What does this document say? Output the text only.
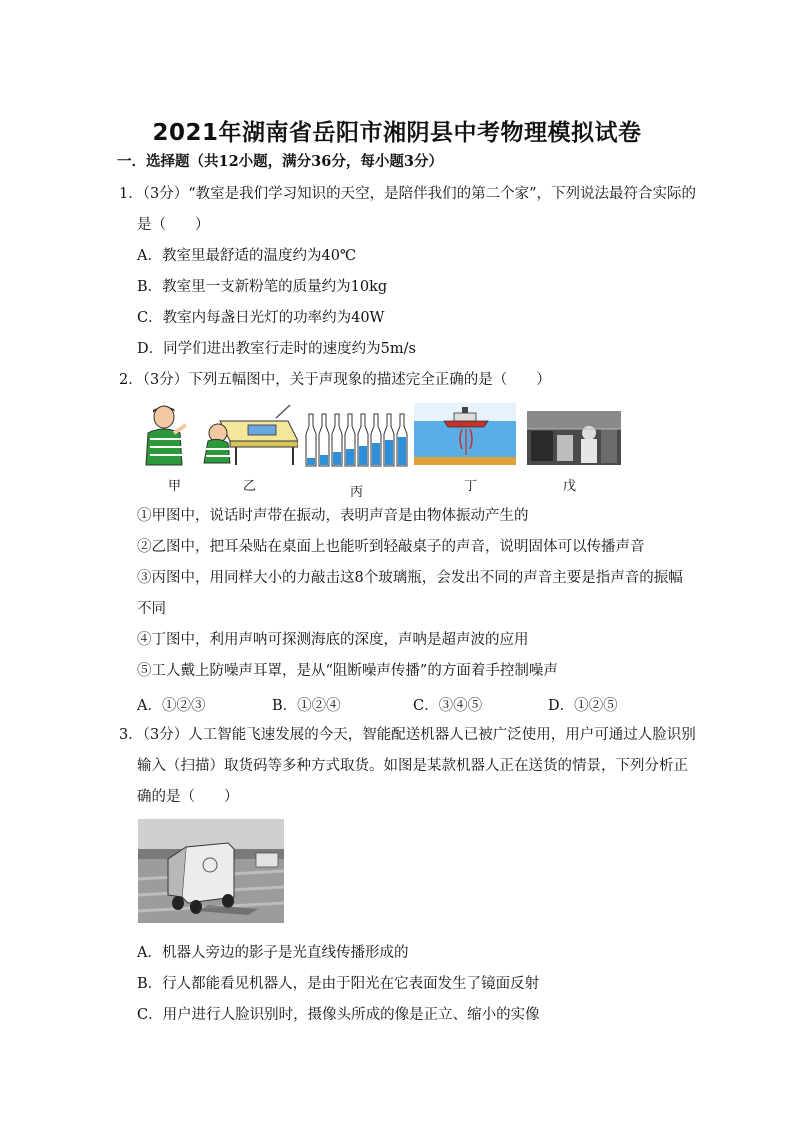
2021年湖南省岳阳市湘阴县中考物理模拟试卷
一．选择题（共12小题，满分36分，每小题3分）
1．（3分）“教室是我们学习知识的天空，是陪伴我们的第二个家”，下列说法最符合实际的
是（　　）
A．教室里最舒适的温度约为40℃
B．教室里一支新粉笔的质量约为10kg
C．教室内每盏日光灯的功率约为40W
D．同学们进出教室行走时的速度约为5m/s
2．（3分）下列五幅图中，关于声现象的描述完全正确的是（　　）
甲	乙	丙	丁	戊
①甲图中，说话时声带在振动，表明声音是由物体振动产生的
②乙图中，把耳朵贴在桌面上也能听到轻敲桌子的声音，说明固体可以传播声音
③丙图中，用同样大小的力敲击这8个玻璃瓶，会发出不同的声音主要是指声音的振幅
不同
④丁图中，利用声呐可探测海底的深度，声呐是超声波的应用
⑤工人戴上防噪声耳罩，是从“阻断噪声传播”的方面着手控制噪声
A．①②③	B．①②④	C．③④⑤	D．①②⑤
3．（3分）人工智能飞速发展的今天，智能配送机器人已被广泛使用，用户可通过人脸识别
输入（扫描）取货码等多种方式取货。如图是某款机器人正在送货的情景，下列分析正
确的是（　　）
A．机器人旁边的影子是光直线传播形成的
B．行人都能看见机器人，是由于阳光在它表面发生了镜面反射
C．用户进行人脸识别时，摄像头所成的像是正立、缩小的实像
